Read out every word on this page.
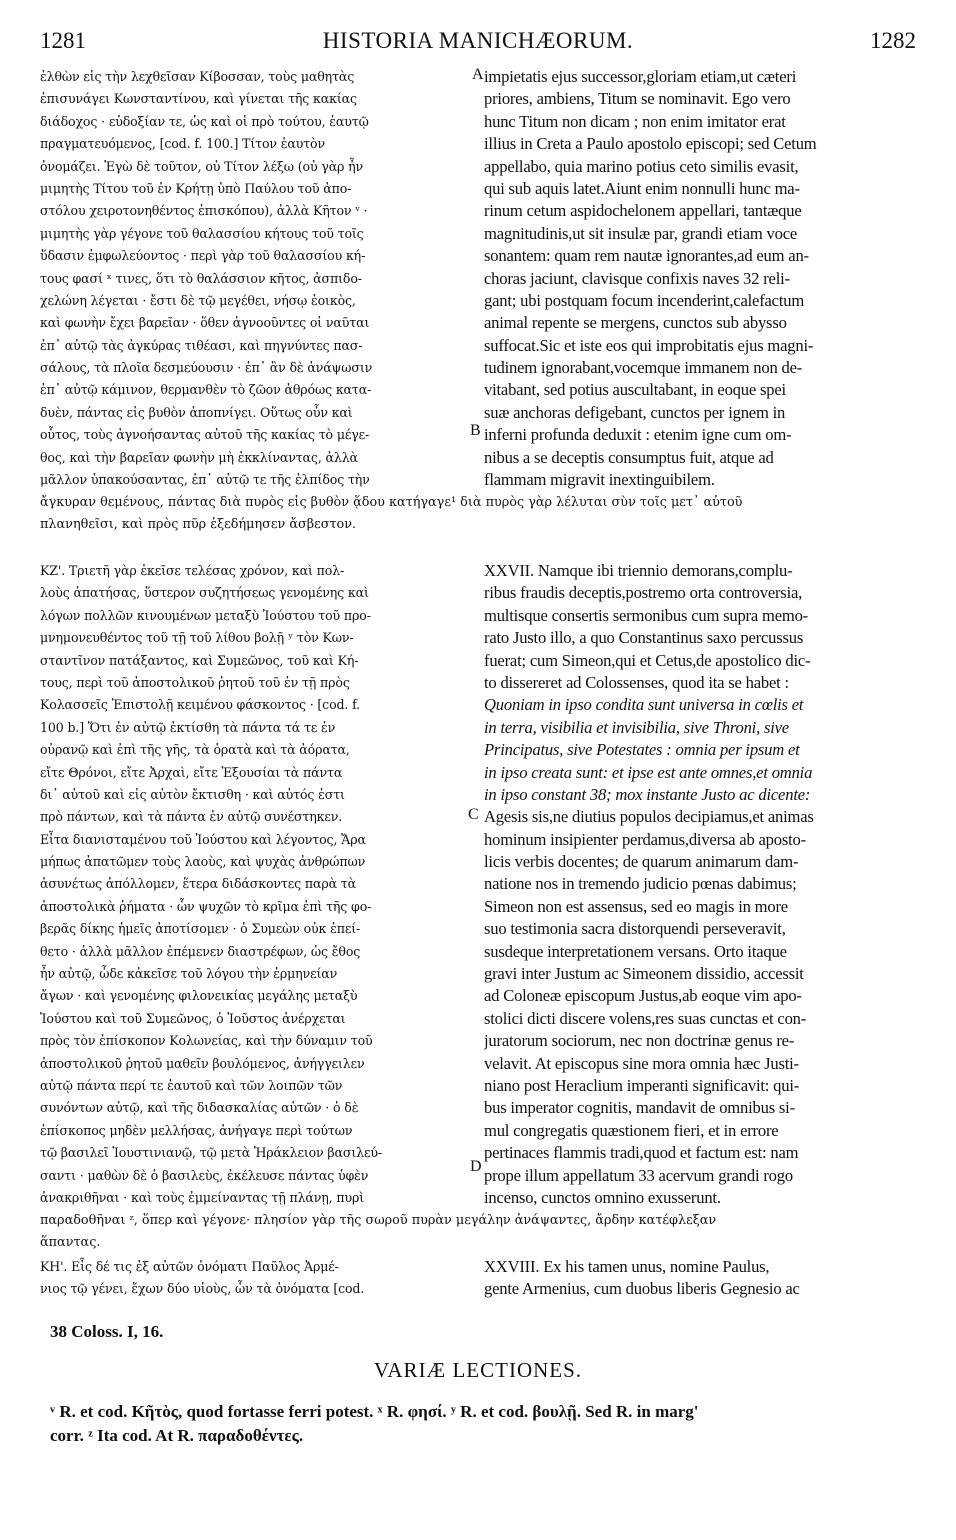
1281	HISTORIA MANICHÆORUM.	1282
ἐλθὼν εἰς τὴν λεχθεῖσαν Κίβοσσαν, τοὺς μαθητὰς
ἐπισυνάγει Κωνσταντίνου, καὶ γίνεται τῆς κακίας
διάδοχος · εὐδοξίαν τε, ὡς καὶ οἱ πρὸ τούτου, ἑαυτῷ
πραγματευόμενος, [cod. f. 100.] Τίτον ἑαυτὸν
ὀνομάζει. Ἐγὼ δὲ τοῦτον, οὐ Τίτον λέξω (οὐ γὰρ ἦν
μιμητὴς Τίτου τοῦ ἐν Κρήτῃ ὑπὸ Παύλου τοῦ ἀπο-
στόλου χειροτονηθέντος ἐπισκόπου), ἀλλὰ Κῆτον ᵛ ·
μιμητὴς γὰρ γέγονε τοῦ θαλασσίου κήτους τοῦ τοῖς
ὕδασιν ἐμφωλεύοντος · περὶ γὰρ τοῦ θαλασσίου κή-
τους φασί ˣ τινες, ὅτι τὸ θαλάσσιον κῆτος, ἀσπιδο-
χελώνη λέγεται · ἔστι δὲ τῷ μεγέθει, νήσῳ ἐοικὸς,
καὶ φωνὴν ἔχει βαρεῖαν · ὅθεν ἀγνοοῦντες οἱ ναῦται
ἐπ᾽ αὐτῷ τὰς ἀγκύρας τιθέασι, καὶ πηγνύντες πασ-
σάλους, τὰ πλοῖα δεσμεύουσιν · ἐπ᾽ ἂν δὲ ἀνάψωσιν
ἐπ᾽ αὐτῷ κάμινον, θερμανθὲν τὸ ζῶον ἀθρόως κατα-
δυὲν, πάντας εἰς βυθὸν ἀποπνίγει. Οὕτως οὖν καὶ
οὗτος, τοὺς ἀγνοήσαντας αὐτοῦ τῆς κακίας τὸ μέγε-
θος, καὶ τὴν βαρεῖαν φωνὴν μὴ ἐκκλίναντας, ἀλλὰ
μᾶλλον ὑπακούσαντας, ἐπ᾽ αὐτῷ τε τῆς ἐλπίδος τὴν
impietatis ejus successor,gloriam etiam,ut cæteri
priores, ambiens, Titum se nominavit. Ego vero
hunc Titum non dicam ; non enim imitator erat
illius in Creta a Paulo apostolo episcopi; sed Cetum
appellabo, quia marino potius ceto similis evasit,
qui sub aquis latet.Aiunt enim nonnulli hunc ma-
rinum cetum aspidochelonem appellari, tantæque
magnitudinis,ut sit insulæ par, grandi etiam voce
sonantem: quam rem nautæ ignorantes,ad eum an-
choras jaciunt, clavisque confixis naves 32 reli-
gant; ubi postquam focum incenderint,calefactum
animal repente se mergens, cunctos sub abysso
suffocat.Sic et iste eos qui improbitatis ejus magni-
tudinem ignorabant,vocemque immanem non de-
vitabant, sed potius auscultabant, in eoque spei
suæ anchoras defigebant, cunctos per ignem in
inferni profunda deduxit : etenim igne cum om-
nibus a se deceptis consumptus fuit, atque ad
flammam migravit inextinguibilem.
A
B
ἄγκυραν θεμένους, πάντας διὰ πυρὸς εἰς βυθὸν ᾅδου κατήγαγε¹ διὰ πυρὸς γὰρ λέλυται σὺν τοῖς μετ᾽ αὐτοῦ
πλανηθεῖσι, καὶ πρὸς πῦρ ἐξεδήμησεν ἄσβεστον.
ΚΖ'. Τριετῆ γὰρ ἐκεῖσε τελέσας χρόνον, καὶ πολ-
λοὺς ἀπατήσας, ὕστερον συζητήσεως γενομένης καὶ
λόγων πολλῶν κινουμένων μεταξὺ Ἰούστου τοῦ προ-
μνημονευθέντος τοῦ τῇ τοῦ λίθου βολῇ ʸ τὸν Κων-
σταντῖνον πατάξαντος, καὶ Συμεῶνος, τοῦ καὶ Κή-
τους, περὶ τοῦ ἀποστολικοῦ ῥητοῦ τοῦ ἐν τῇ πρὸς
Κολασσεῖς Ἐπιστολῇ κειμένου φάσκοντος · [cod. f.
100 b.] Ὅτι ἐν αὐτῷ ἐκτίσθη τὰ πάντα τά τε ἐν
οὐρανῷ καὶ ἐπὶ τῆς γῆς, τὰ ὁρατὰ καὶ τὰ ἀόρατα,
εἴτε Θρόνοι, εἴτε Ἀρχαὶ, εἴτε Ἐξουσίαι τὰ πάντα
δι᾽ αὐτοῦ καὶ εἰς αὐτὸν ἔκτισθη · καὶ αὐτός ἐστι
πρὸ πάντων, καὶ τὰ πάντα ἐν αὐτῷ συνέστηκεν.
Εἶτα διανισταμένου τοῦ Ἰούστου καὶ λέγοντος, Ἄρα
μήπως ἀπατῶμεν τοὺς λαοὺς, καὶ ψυχὰς ἀνθρώπων
ἀσυνέτως ἀπόλλομεν, ἕτερα διδάσκοντες παρὰ τὰ
ἀποστολικὰ ῥήματα · ὧν ψυχῶν τὸ κρῖμα ἐπὶ τῆς φο-
βερᾶς δίκης ἡμεῖς ἀποτίσομεν · ὁ Συμεὼν οὐκ ἐπεί-
θετο · ἀλλὰ μᾶλλον ἐπέμενεν διαστρέφων, ὡς ἔθος
ἦν αὐτῷ, ὧδε κἀκεῖσε τοῦ λόγου τὴν ἑρμηνείαν
ἄγων · καὶ γενομένης φιλονεικίας μεγάλης μεταξὺ
Ἰούστου καὶ τοῦ Συμεῶνος, ὁ Ἰοῦστος ἀνέρχεται
πρὸς τὸν ἐπίσκοπον Κολωνείας, καὶ τὴν δύναμιν τοῦ
ἀποστολικοῦ ῥητοῦ μαθεῖν βουλόμενος, ἀνήγγειλεν
αὐτῷ πάντα περί τε ἑαυτοῦ καὶ τῶν λοιπῶν τῶν
συνόντων αὐτῷ, καὶ τῆς διδασκαλίας αὐτῶν · ὁ δὲ
ἐπίσκοπος μηδὲν μελλήσας, ἀνήγαγε περὶ τούτων
τῷ βασιλεῖ Ἰουστινιανῷ, τῷ μετὰ Ἡράκλειον βασιλεύ-
σαντι · μαθὼν δὲ ὁ βασιλεὺς, ἐκέλευσε πάντας ὑφὲν
ἀνακριθῆναι · καὶ τοὺς ἐμμείναντας τῇ πλάνῃ, πυρὶ
XXVII. Namque ibi triennio demorans,complu-
ribus fraudis deceptis,postremo orta controversia,
multisque consertis sermonibus cum supra memo-
rato Justo illo, a quo Constantinus saxo percussus
fuerat; cum Simeon,qui et Cetus,de apostolico dic-
to dissereret ad Colossenses, quod ita se habet :
Quoniam in ipso condita sunt universa in cœlis et
in terra, visibilia et invisibilia, sive Throni, sive
Principatus, sive Potestates : omnia per ipsum et
in ipso creata sunt: et ipse est ante omnes,et omnia
in ipso constant 38; mox instante Justo ac dicente:
Agesis sis,ne diutius populos decipiamus,et animas
hominum insipienter perdamus,diversa ab aposto-
licis verbis docentes; de quarum animarum dam-
natione nos in tremendo judicio pœnas dabimus;
Simeon non est assensus, sed eo magis in more
suo testimonia sacra distorquendi perseveravit,
susdeque interpretationem versans. Orto itaque
gravi inter Justum ac Simeonem dissidio, accessit
ad Coloneæ episcopum Justus,ab eoque vim apo-
stolici dicti discere volens,res suas cunctas et con-
juratorum sociorum, nec non doctrinæ genus re-
velavit. At episcopus sine mora omnia hæc Justi-
niano post Heraclium imperanti significavit: qui-
bus imperator cognitis, mandavit de omnibus si-
mul congregatis quæstionem fieri, et in errore
pertinaces flammis tradi,quod et factum est: nam
prope illum appellatum 33 acervum grandi rogo
incenso, cunctos omnino exusserunt.
C
D
παραδοθῆναι ᶻ, ὅπερ καὶ γέγονε· πλησίον γὰρ τῆς σωροῦ πυρὰν μεγάλην ἀνάψαντες, ἄρδην κατέφλεξαν
ἅπαντας.
ΚΗ'. Εἷς δέ τις ἐξ αὐτῶν ὀνόματι Παῦλος Ἀρμέ-
νιος τῷ γένει, ἔχων δύο υἱοὺς, ὧν τὰ ὀνόματα [cod.
XXVIII. Ex his tamen unus, nomine Paulus,
gente Armenius, cum duobus liberis Gegnesio ac
38 Coloss. I, 16.
VARIÆ LECTIONES.
ᵛ R. et cod. Κῆτὸς, quod fortasse ferri potest. ˣ R. φησί. ʸ R. et cod. βουλῇ. Sed R. in marg'
corr. ᶻ Ita cod. At R. παραδοθέντες.
